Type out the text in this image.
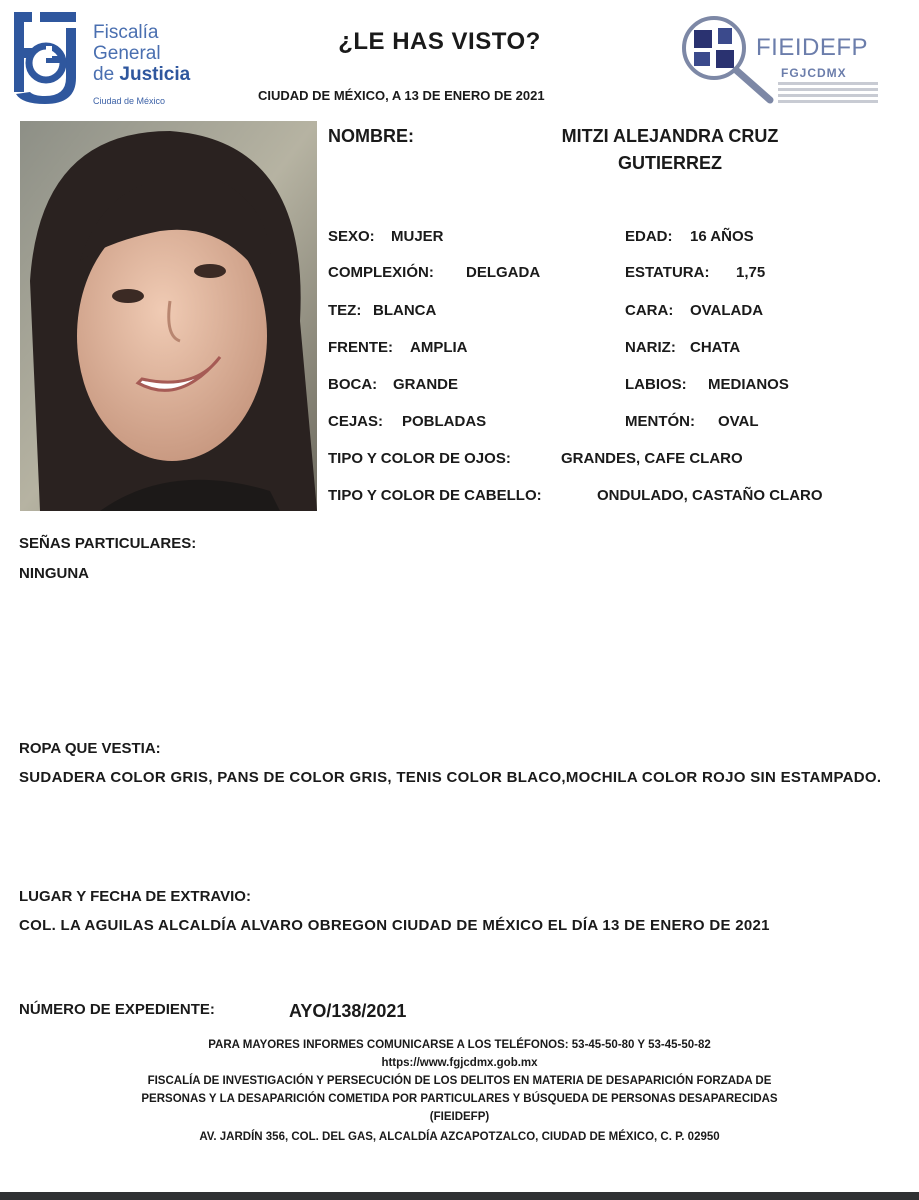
Fiscalía
General
de Justicia
Ciudad de México
¿LE HAS VISTO?
CIUDAD DE MÉXICO, A 13 DE ENERO DE 2021
FIEIDEFP
FGJCDMX
NOMBRE:	MITZI ALEJANDRA CRUZ
GUTIERREZ
SEXO: MUJER	EDAD: 16 AÑOS
COMPLEXIÓN: DELGADA	ESTATURA: 1,75
TEZ: BLANCA	CARA: OVALADA
FRENTE: AMPLIA	NARIZ: CHATA
BOCA: GRANDE	LABIOS: MEDIANOS
CEJAS: POBLADAS	MENTÓN: OVAL
TIPO Y COLOR DE OJOS:	GRANDES, CAFE CLARO
TIPO Y COLOR DE CABELLO:	ONDULADO, CASTAÑO CLARO
SEÑAS PARTICULARES:
NINGUNA
ROPA QUE VESTIA:
SUDADERA COLOR GRIS, PANS DE COLOR GRIS, TENIS COLOR BLACO,MOCHILA COLOR ROJO SIN ESTAMPADO.
LUGAR Y FECHA DE EXTRAVIO:
COL. LA AGUILAS ALCALDÍA ALVARO OBREGON CIUDAD DE MÉXICO EL DÍA 13 DE ENERO DE 2021
NÚMERO DE EXPEDIENTE:	AYO/138/2021
PARA MAYORES INFORMES COMUNICARSE A LOS TELÉFONOS: 53-45-50-80 Y 53-45-50-82
https://www.fgjcdmx.gob.mx
FISCALÍA DE INVESTIGACIÓN Y PERSECUCIÓN DE LOS DELITOS EN MATERIA DE DESAPARICIÓN FORZADA DE
PERSONAS Y LA DESAPARICIÓN COMETIDA POR PARTICULARES Y BÚSQUEDA DE PERSONAS DESAPARECIDAS
(FIEIDEFP)
AV. JARDÍN 356, COL. DEL GAS, ALCALDÍA AZCAPOTZALCO, CIUDAD DE MÉXICO, C. P. 02950
